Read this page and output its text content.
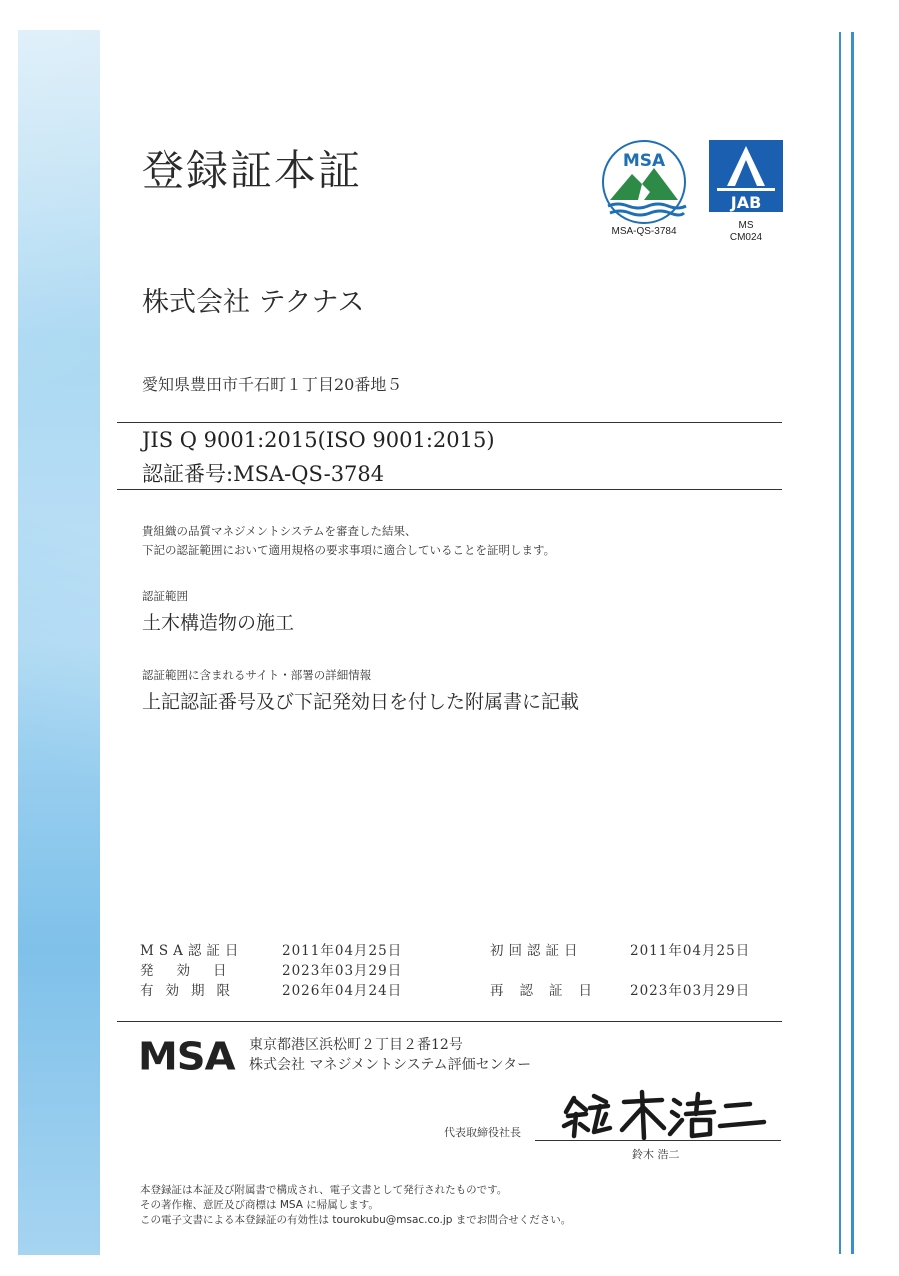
登録証本証	MSA
MSA-QS-3784
JAB
MS
CM024
株式会社 テクナス
愛知県豊田市千石町１丁目20番地５
JIS Q 9001:2015(ISO 9001:2015)
認証番号:MSA-QS-3784
貴組織の品質マネジメントシステムを審査した結果、
下記の認証範囲において適用規格の要求事項に適合していることを証明します。
認証範囲
土木構造物の施工
認証範囲に含まれるサイト・部署の詳細情報
上記認証番号及び下記発効日を付した附属書に記載
MSA認証日	2011年04月25日	初回認証日	2011年04月25日
発効日 2023年03月29日
有効期限	2026年04月24日	再認証日 2023年03月29日
MSA 東京都港区浜松町２丁目２番12号
株式会社 マネジメントシステム評価センター
代表取締役社長
鈴木 浩二
本登録証は本証及び附属書で構成され、電子文書として発行されたものです。
その著作権、意匠及び商標は MSA に帰属します。
この電子文書による本登録証の有効性は tourokubu@msac.co.jp までお問合せください。
